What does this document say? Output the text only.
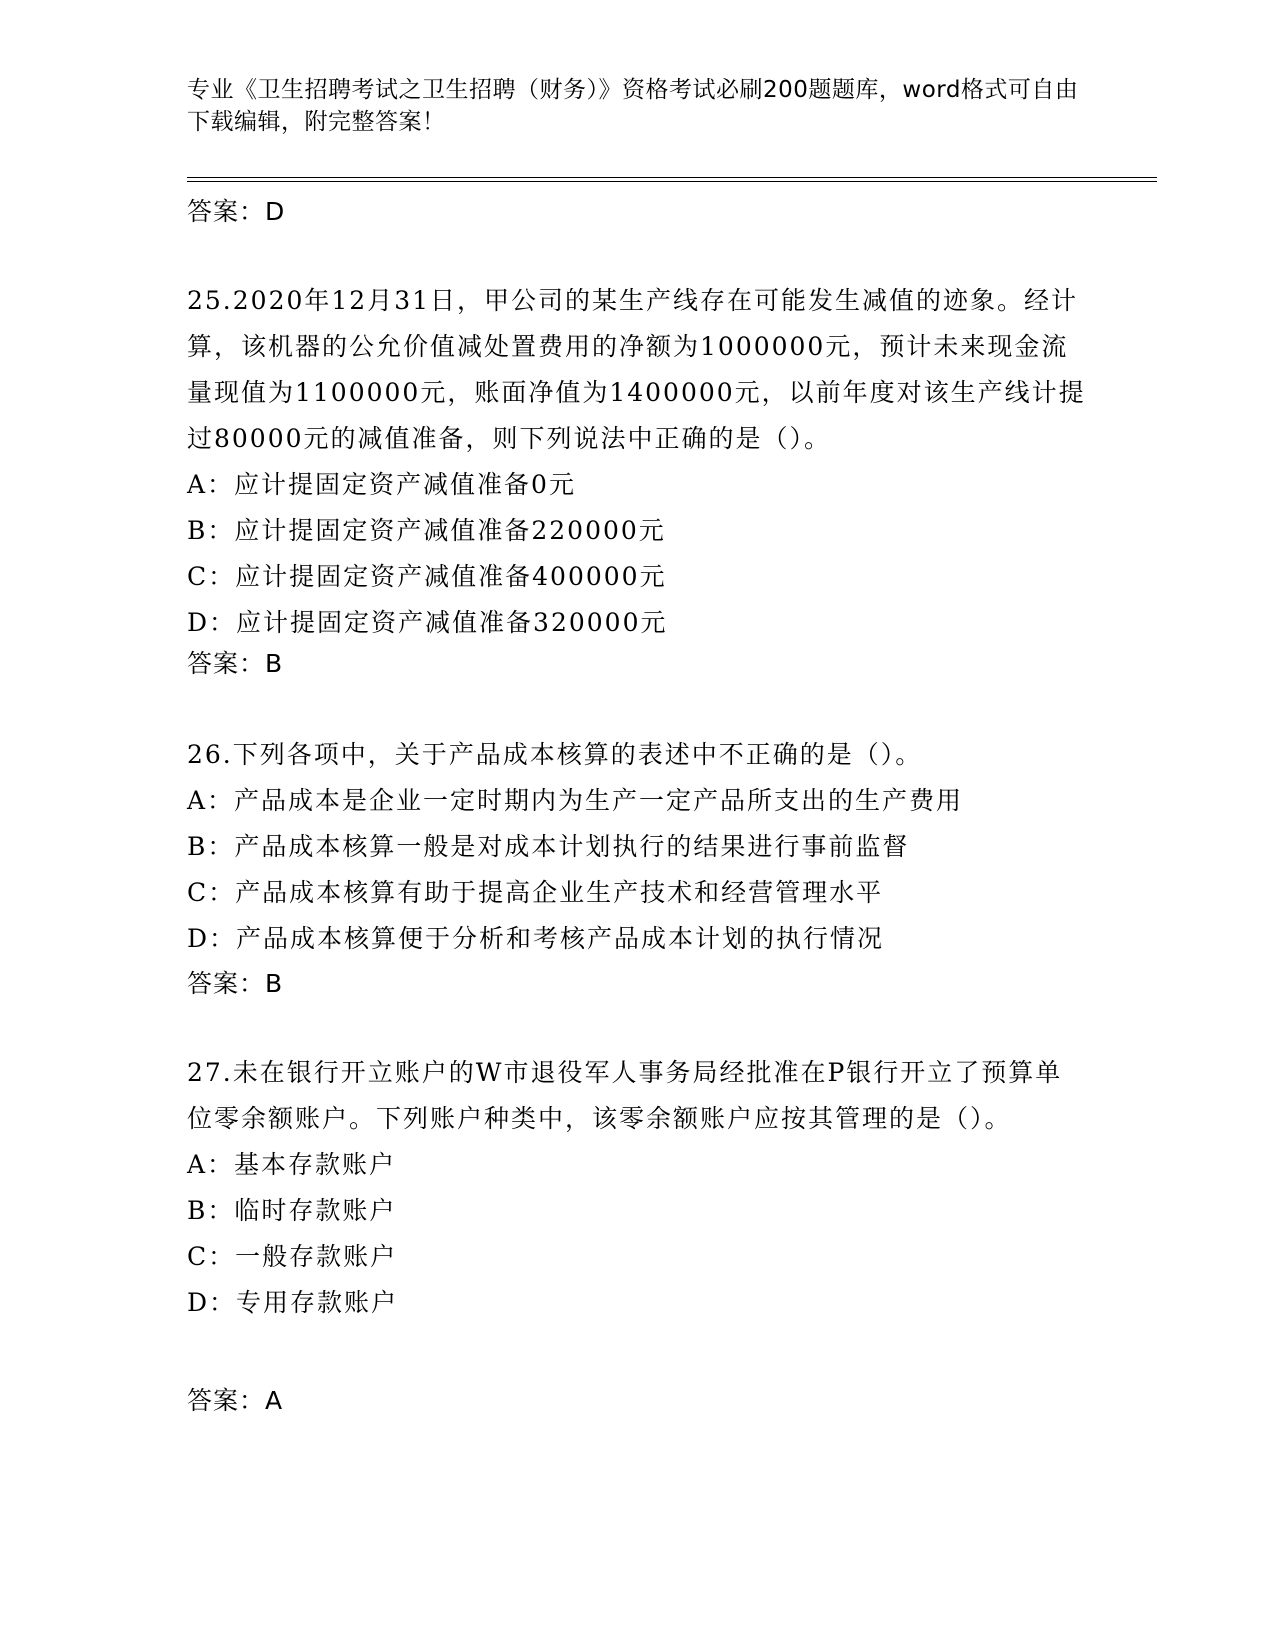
专业《卫生招聘考试之卫生招聘（财务）》资格考试必刷200题题库，word格式可自由下载编辑，附完整答案！
答案：D
25.2020年12月31日，甲公司的某生产线存在可能发生减值的迹象。经计算，该机器的公允价值减处置费用的净额为1000000元，预计未来现金流量现值为1100000元，账面净值为1400000元，以前年度对该生产线计提过80000元的减值准备，则下列说法中正确的是（）。
A：应计提固定资产减值准备0元
B：应计提固定资产减值准备220000元
C：应计提固定资产减值准备400000元
D：应计提固定资产减值准备320000元
答案：B
26.下列各项中，关于产品成本核算的表述中不正确的是（）。
A：产品成本是企业一定时期内为生产一定产品所支出的生产费用
B：产品成本核算一般是对成本计划执行的结果进行事前监督
C：产品成本核算有助于提高企业生产技术和经营管理水平
D：产品成本核算便于分析和考核产品成本计划的执行情况
答案：B
27.未在银行开立账户的W市退役军人事务局经批准在P银行开立了预算单位零余额账户。下列账户种类中，该零余额账户应按其管理的是（）。
A：基本存款账户
B：临时存款账户
C：一般存款账户
D：专用存款账户
答案：A
